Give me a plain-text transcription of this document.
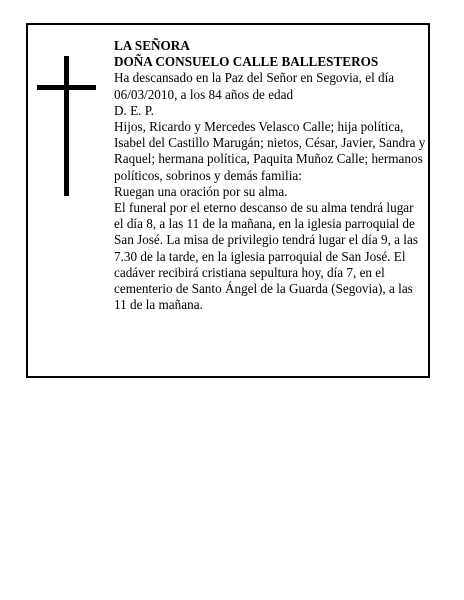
LA SEÑORA

DOÑA CONSUELO CALLE BALLESTEROS

Ha descansado en la Paz del Señor en Segovia, el día 06/03/2010, a los 84 años de edad

D. E. P.

Hijos, Ricardo y Mercedes Velasco Calle; hija política, Isabel del Castillo Marugán; nietos, César, Javier, Sandra y Raquel; hermana política, Paquita Muñoz Calle; hermanos políticos, sobrinos y demás familia:

Ruegan una oración por su alma.

El funeral por el eterno descanso de su alma tendrá lugar el día 8, a las 11 de la mañana, en la iglesia parroquial de San José. La misa de privilegio tendrá lugar el día 9, a las 7.30 de la tarde, en la iglesia parroquial de San José. El cadáver recibirá cristiana sepultura hoy, día 7, en el cementerio de Santo Ángel de la Guarda (Segovia), a las 11 de la mañana.
